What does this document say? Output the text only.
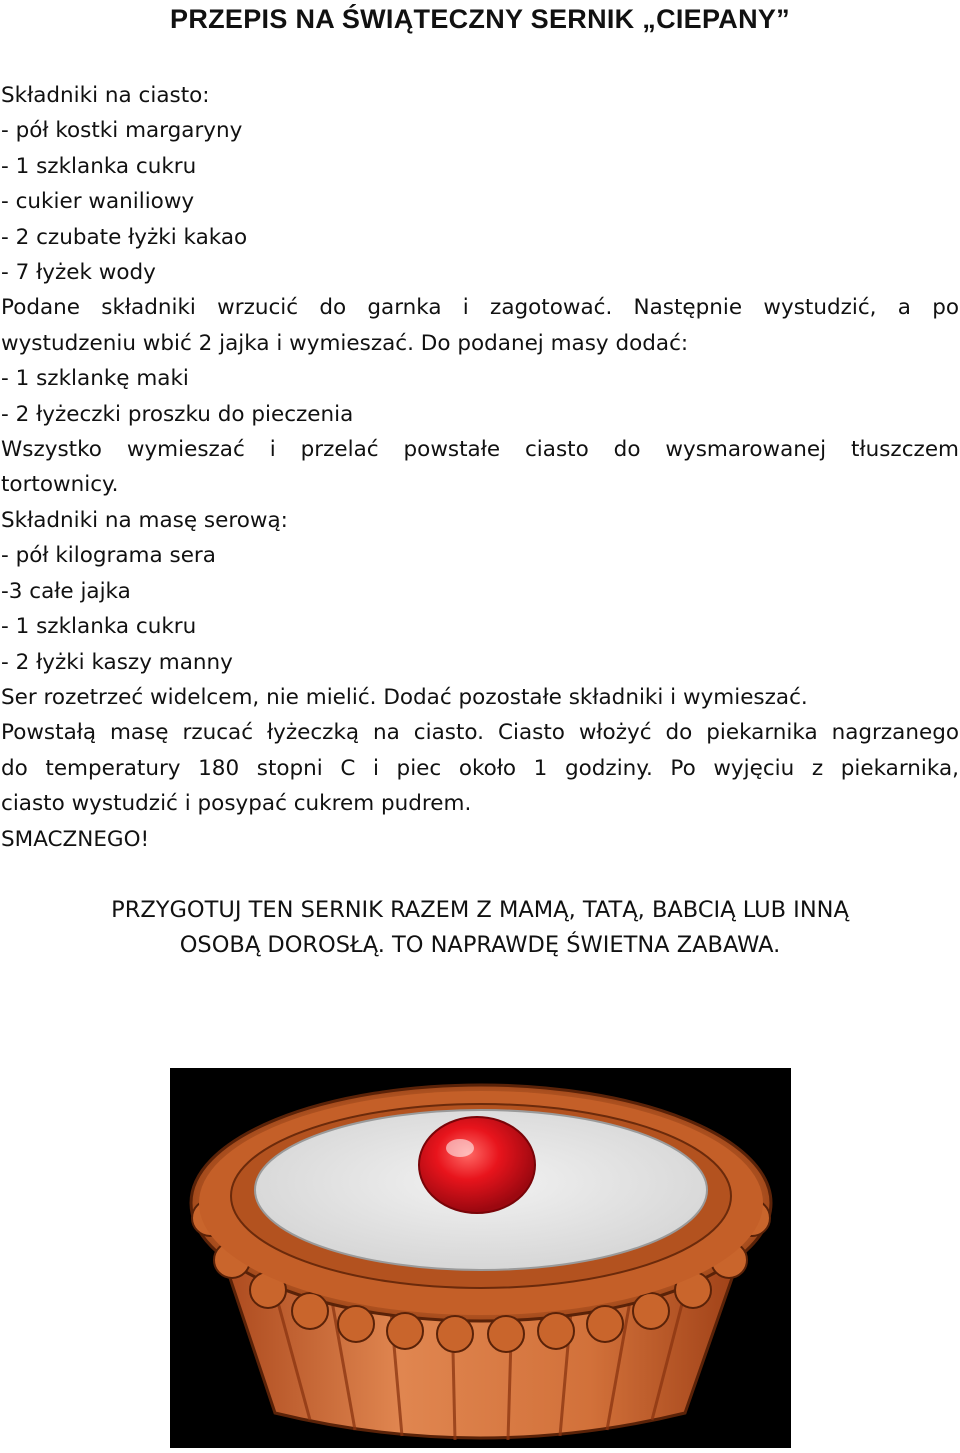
PRZEPIS NA ŚWIĄTECZNY SERNIK „CIEPANY”
Składniki na ciasto:
- pół kostki margaryny
- 1 szklanka cukru
- cukier waniliowy
- 2 czubate łyżki kakao
- 7 łyżek wody
Podane składniki wrzucić do garnka i zagotować. Następnie wystudzić, a po
wystudzeniu wbić 2 jajka i wymieszać. Do podanej masy dodać:
- 1 szklankę maki
- 2 łyżeczki proszku do pieczenia
Wszystko wymieszać i przelać powstałe ciasto do wysmarowanej tłuszczem
tortownicy.
Składniki na masę serową:
- pół kilograma sera
-3 całe jajka
- 1 szklanka cukru
- 2 łyżki kaszy manny
Ser rozetrzeć widelcem, nie mielić. Dodać pozostałe składniki i wymieszać.
Powstałą masę rzucać łyżeczką na ciasto. Ciasto włożyć do piekarnika nagrzanego
do temperatury 180 stopni C i piec około 1 godziny. Po wyjęciu z piekarnika,
ciasto wystudzić i posypać cukrem pudrem.
SMACZNEGO!
PRZYGOTUJ TEN SERNIK RAZEM Z MAMĄ, TATĄ, BABCIĄ LUB INNĄ
OSOBĄ DOROSŁĄ. TO NAPRAWDĘ ŚWIETNA ZABAWA.
